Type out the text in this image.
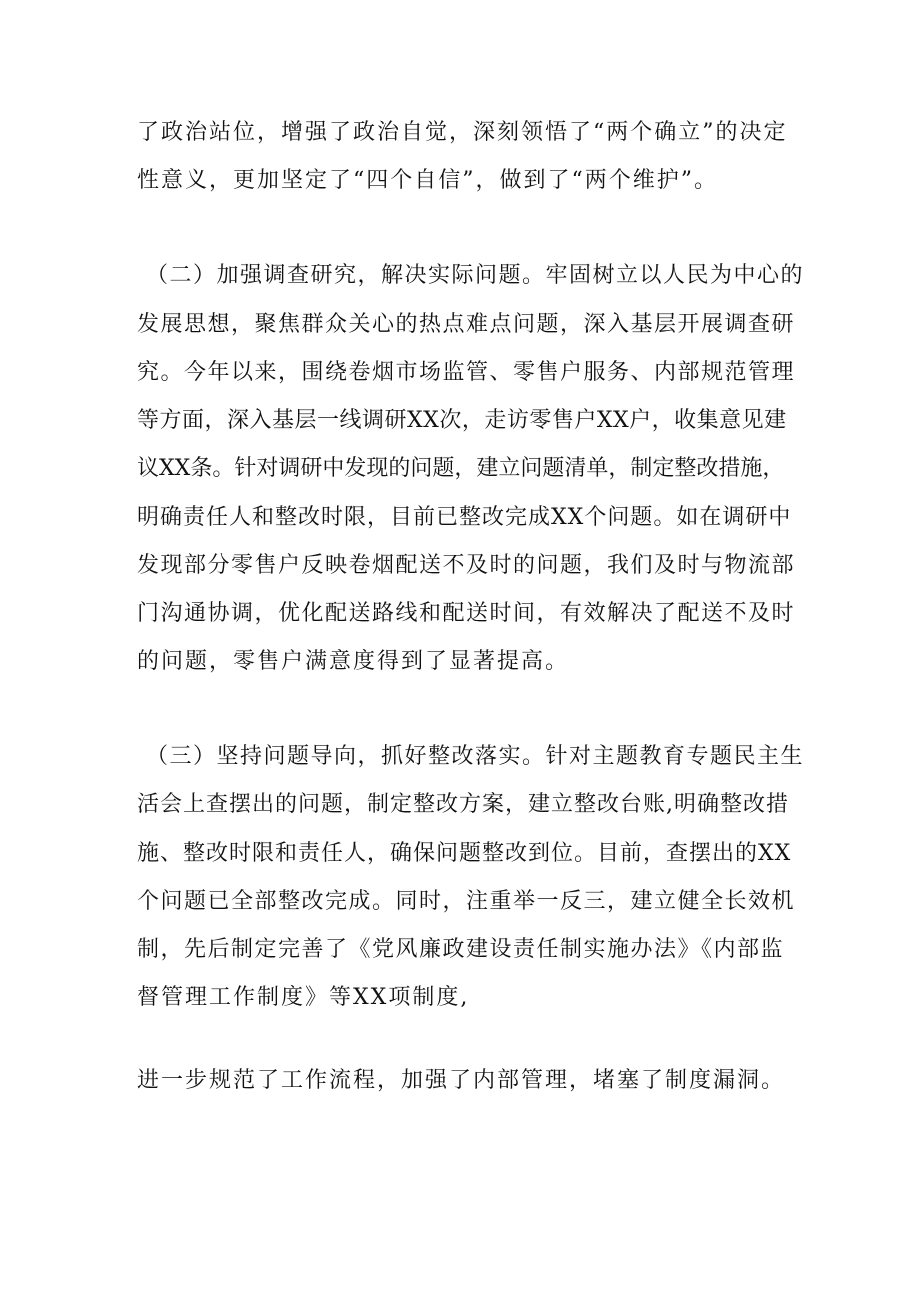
了政治站位，增强了政治自觉，深刻领悟了“两个确立”的决定
性意义，更加坚定了“四个自信”，做到了“两个维护”。
（二）加强调查研究，解决实际问题。牢固树立以人民为中心的
发展思想，聚焦群众关心的热点难点问题，深入基层开展调查研
究。今年以来，围绕卷烟市场监管、零售户服务、内部规范管理
等方面，深入基层一线调研XX次，走访零售户XX户，收集意见建
议XX条。针对调研中发现的问题，建立问题清单，制定整改措施，
明确责任人和整改时限，目前已整改完成XX个问题。如在调研中
发现部分零售户反映卷烟配送不及时的问题，我们及时与物流部
门沟通协调，优化配送路线和配送时间，有效解决了配送不及时
的问题，零售户满意度得到了显著提高。
（三）坚持问题导向，抓好整改落实。针对主题教育专题民主生
活会上查摆出的问题，制定整改方案，建立整改台账,明确整改措
施、整改时限和责任人，确保问题整改到位。目前，查摆出的XX
个问题已全部整改完成。同时，注重举一反三，建立健全长效机
制，先后制定完善了《党风廉政建设责任制实施办法》《内部监
督管理工作制度》等XX项制度,
进一步规范了工作流程，加强了内部管理，堵塞了制度漏洞。
